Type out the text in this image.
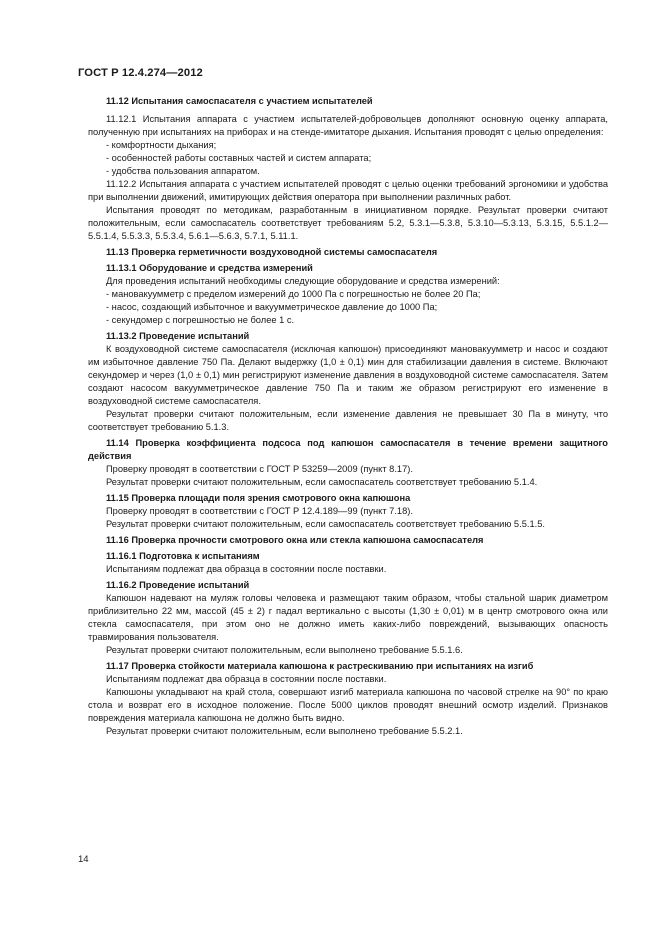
ГОСТ Р 12.4.274—2012

11.12 Испытания самоспасателя с участием испытателей

11.12.1 Испытания аппарата с участием испытателей-добровольцев дополняют основную оценку аппарата, полученную при испытаниях на приборах и на стенде-имитаторе дыхания. Испытания проводят с целью определения:

- комфортности дыхания;

- особенностей работы составных частей и систем аппарата;

- удобства пользования аппаратом.

11.12.2 Испытания аппарата с участием испытателей проводят с целью оценки требований эргономики и удобства при выполнении движений, имитирующих действия оператора при выполнении различных работ.

Испытания проводят по методикам, разработанным в инициативном порядке. Результат проверки считают положительным, если самоспасатель соответствует требованиям 5.2, 5.3.1—5.3.8, 5.3.10—5.3.13, 5.3.15, 5.5.1.2—5.5.1.4, 5.5.3.3, 5.5.3.4, 5.6.1—5.6.3, 5.7.1, 5.11.1.

11.13 Проверка герметичности воздуховодной системы самоспасателя

11.13.1 Оборудование и средства измерений

Для проведения испытаний необходимы следующие оборудование и средства измерений:

- мановакуумметр с пределом измерений до 1000 Па с погрешностью не более 20 Па;

- насос, создающий избыточное и вакуумметрическое давление до 1000 Па;

- секундомер с погрешностью не более 1 с.

11.13.2 Проведение испытаний

К воздуховодной системе самоспасателя (исключая капюшон) присоединяют мановакуумметр и насос и создают им избыточное давление 750 Па. Делают выдержку (1,0 ± 0,1) мин для стабилизации давления в системе. Включают секундомер и через (1,0 ± 0,1) мин регистрируют изменение давления в воздуховодной системе самоспасателя. Затем создают насосом вакуумметрическое давление 750 Па и таким же образом регистрируют его изменение в воздуховодной системе самоспасателя.

Результат проверки считают положительным, если изменение давления не превышает 30 Па в минуту, что соответствует требованию 5.1.3.

11.14 Проверка коэффициента подсоса под капюшон самоспасателя в течение времени защитного действия

Проверку проводят в соответствии с ГОСТ Р 53259—2009 (пункт 8.17).

Результат проверки считают положительным, если самоспасатель соответствует требованию 5.1.4.

11.15 Проверка площади поля зрения смотрового окна капюшона

Проверку проводят в соответствии с ГОСТ Р 12.4.189—99 (пункт 7.18).

Результат проверки считают положительным, если самоспасатель соответствует требованию 5.5.1.5.

11.16 Проверка прочности смотрового окна или стекла капюшона самоспасателя

11.16.1 Подготовка к испытаниям

Испытаниям подлежат два образца в состоянии после поставки.

11.16.2 Проведение испытаний

Капюшон надевают на муляж головы человека и размещают таким образом, чтобы стальной шарик диаметром приблизительно 22 мм, массой (45 ± 2) г падал вертикально с высоты (1,30 ± 0,01) м в центр смотрового окна или стекла самоспасателя, при этом оно не должно иметь каких-либо повреждений, вызывающих опасность травмирования пользователя.

Результат проверки считают положительным, если выполнено требование 5.5.1.6.

11.17 Проверка стойкости материала капюшона к растрескиванию при испытаниях на изгиб

Испытаниям подлежат два образца в состоянии после поставки.

Капюшоны укладывают на край стола, совершают изгиб материала капюшона по часовой стрелке на 90° по краю стола и возврат его в исходное положение. После 5000 циклов проводят внешний осмотр изделий. Признаков повреждения материала капюшона не должно быть видно.

Результат проверки считают положительным, если выполнено требование 5.5.2.1.

14
